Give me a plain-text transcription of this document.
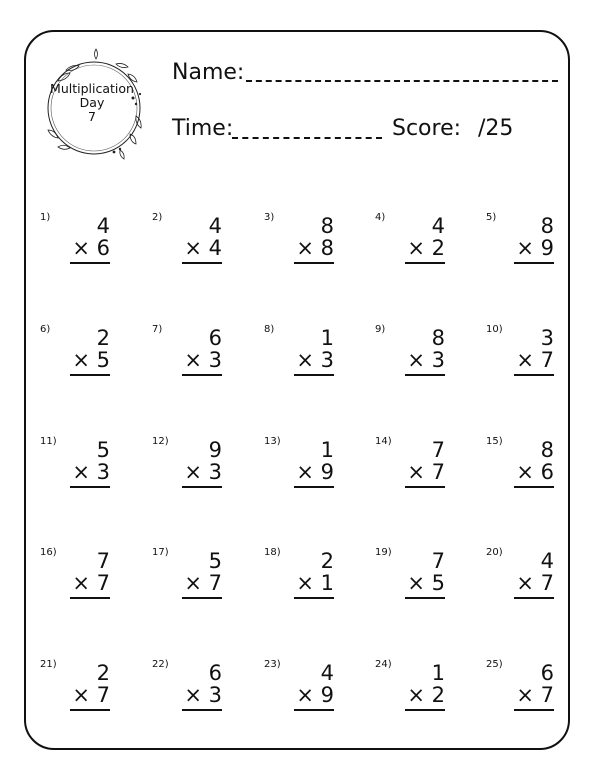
Multiplication
Day
7
Name:
Time:	Score: /25
1) 4
× 6
2) 4
× 4
3) 8
× 8
4) 4
× 2
5) 8
× 9
6) 2
× 5
7) 6
× 3
8) 1
× 3
9) 8
× 3
10) 3
× 7
11) 5
× 3
12) 9
× 3
13) 1
× 9
14) 7
× 7
15) 8
× 6
16) 7
× 7
17) 5
× 7
18) 2
× 1
19) 7
× 5
20) 4
× 7
21) 2
× 7
22) 6
× 3
23) 4
× 9
24) 1
× 2
25) 6
× 7
